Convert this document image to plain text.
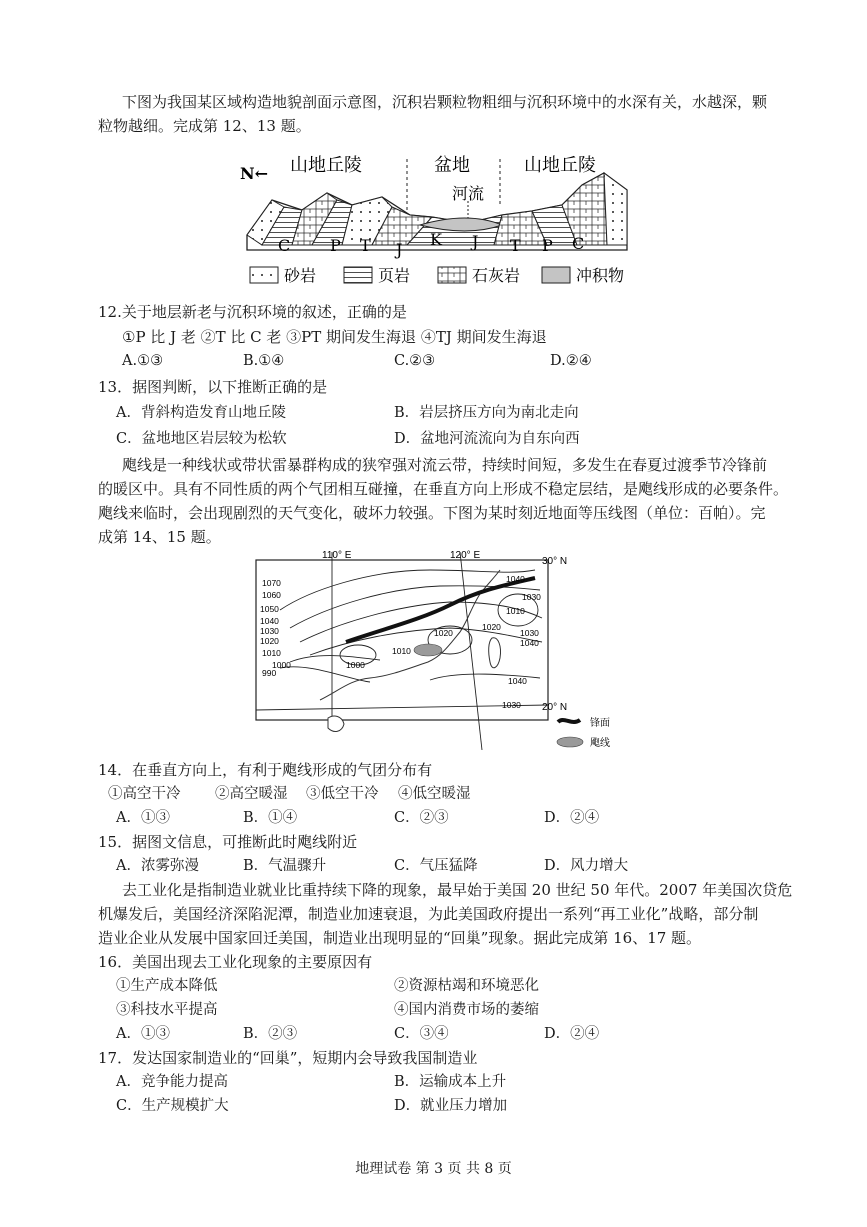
下图为我国某区域构造地貌剖面示意图，沉积岩颗粒物粗细与沉积环境中的水深有关，水越深，颗
粒物越细。完成第 12、13 题。
N← 山地丘陵	盆地	山地丘陵
河流
C P T J
K J T P C
砂岩	页岩	石灰岩	冲积物
12.关于地层新老与沉积环境的叙述，正确的是
①P 比 J 老 ②T 比 C 老 ③PT 期间发生海退 ④TJ 期间发生海退
A.①③	B.①④	C.②③	D.②④
13．据图判断，以下推断正确的是
A．背斜构造发育山地丘陵	B．岩层挤压方向为南北走向
C．盆地地区岩层较为松软	D．盆地河流流向为自东向西
飑线是一种线状或带状雷暴群构成的狭窄强对流云带，持续时间短，多发生在春夏过渡季节冷锋前
的暖区中。具有不同性质的两个气团相互碰撞，在垂直方向上形成不稳定层结，是飑线形成的必要条件。
飑线来临时，会出现剧烈的天气变化，破坏力较强。下图为某时刻近地面等压线图（单位：百帕）。完
成第 14、15 题。
110° E	120° E
30° N
20° N
1070
1060
1050
1040
1030
1020
1010
1000
990
1000
1010
1020
1040
1030
1010
1020
1030
1040
1040
1030
锋面
飑线
14．在垂直方向上，有利于飑线形成的气团分布有
①高空干冷 ②高空暖湿 ③低空干冷 ④低空暖湿
A．①③	B．①④	C．②③	D．②④
15．据图文信息，可推断此时飑线附近
A．浓雾弥漫	B．气温骤升	C．气压猛降	D．风力增大
去工业化是指制造业就业比重持续下降的现象，最早始于美国 20 世纪 50 年代。2007 年美国次贷危
机爆发后，美国经济深陷泥潭，制造业加速衰退，为此美国政府提出一系列“再工业化”战略，部分制
造业企业从发展中国家回迁美国，制造业出现明显的“回巢”现象。据此完成第 16、17 题。
16．美国出现去工业化现象的主要原因有
①生产成本降低	②资源枯竭和环境恶化
③科技水平提高	④国内消费市场的萎缩
A．①③	B．②③	C．③④	D．②④
17．发达国家制造业的“回巢”，短期内会导致我国制造业
A．竞争能力提高	B．运输成本上升
C．生产规模扩大	D．就业压力增加
地理试卷 第 3 页 共 8 页
